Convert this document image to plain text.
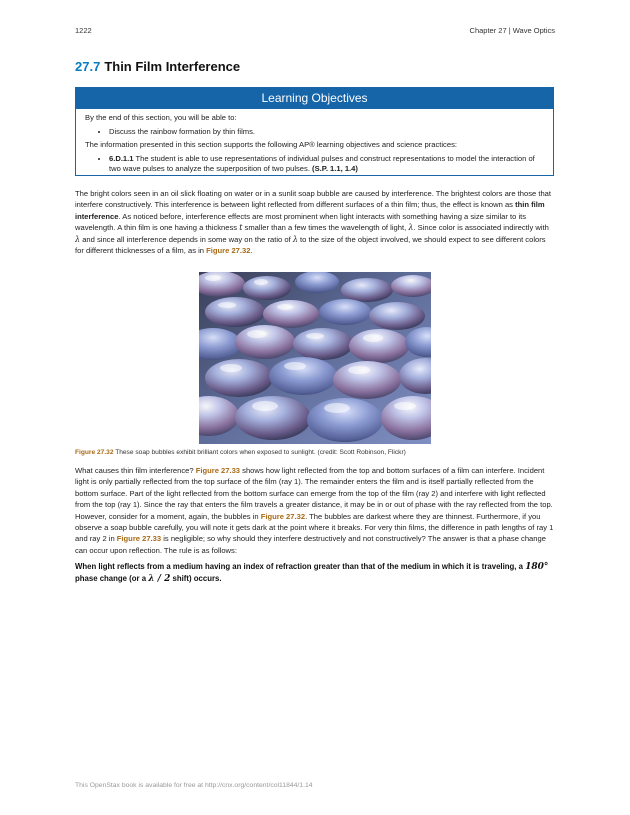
1222	Chapter 27 | Wave Optics
27.7 Thin Film Interference
Learning Objectives

By the end of this section, you will be able to:

• Discuss the rainbow formation by thin films.

The information presented in this section supports the following AP® learning objectives and science practices:

• 6.D.1.1 The student is able to use representations of individual pulses and construct representations to model the interaction of two wave pulses to analyze the superposition of two pulses. (S.P. 1.1, 1.4)

The bright colors seen in an oil slick floating on water or in a sunlit soap bubble are caused by interference. The brightest colors are those that interfere constructively. This interference is between light reflected from different surfaces of a thin film; thus, the effect is known as thin film interference. As noticed before, interference effects are most prominent when light interacts with something having a size similar to its wavelength. A thin film is one having a thickness t smaller than a few times the wavelength of light, λ. Since color is associated indirectly with λ and since all interference depends in some way on the ratio of λ to the size of the object involved, we should expect to see different colors for different thicknesses of a film, as in Figure 27.32.

Figure 27.32 These soap bubbles exhibit brilliant colors when exposed to sunlight. (credit: Scott Robinson, Flickr)

What causes thin film interference? Figure 27.33 shows how light reflected from the top and bottom surfaces of a film can interfere. Incident light is only partially reflected from the top surface of the film (ray 1). The remainder enters the film and is itself partially reflected from the bottom surface. Part of the light reflected from the bottom surface can emerge from the top of the film (ray 2) and interfere with light reflected from the top (ray 1). Since the ray that enters the film travels a greater distance, it may be in or out of phase with the ray reflected from the top. However, consider for a moment, again, the bubbles in Figure 27.32. The bubbles are darkest where they are thinnest. Furthermore, if you observe a soap bubble carefully, you will note it gets dark at the point where it breaks. For very thin films, the difference in path lengths of ray 1 and ray 2 in Figure 27.33 is negligible; so why should they interfere destructively and not constructively? The answer is that a phase change can occur upon reflection. The rule is as follows:

When light reflects from a medium having an index of refraction greater than that of the medium in which it is traveling, a 180° phase change (or a λ / 2 shift) occurs.

This OpenStax book is available for free at http://cnx.org/content/col11844/1.14
